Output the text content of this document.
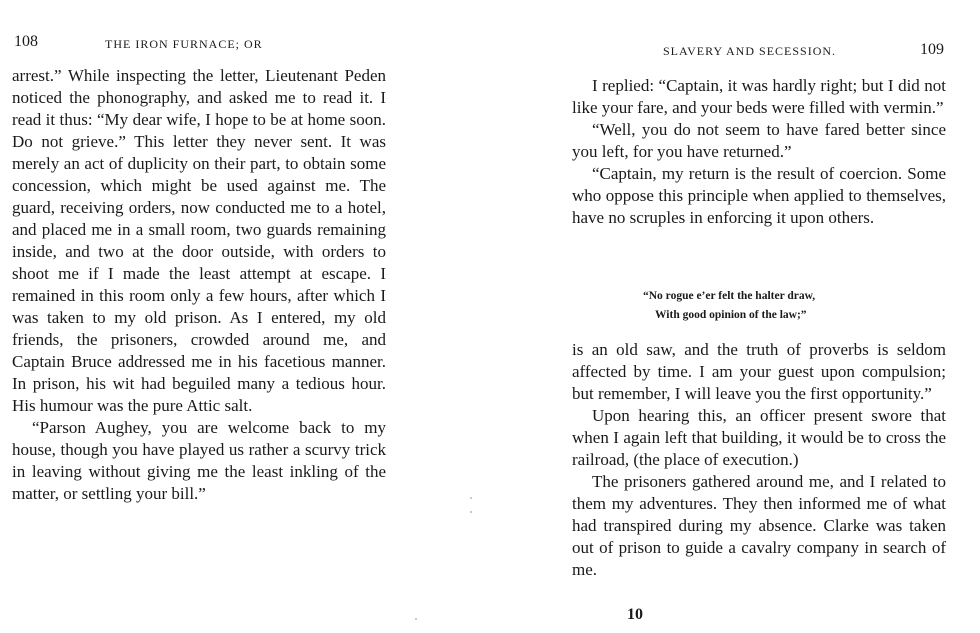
108	THE IRON FURNACE; OR

arrest.” While inspecting the letter, Lieutenant Peden noticed the phonography, and asked me to read it. I read it thus: “My dear wife, I hope to be at home soon. Do not grieve.” This letter they never sent. It was merely an act of duplicity on their part, to obtain some concession, which might be used against me. The guard, receiving orders, now conducted me to a hotel, and placed me in a small room, two guards remaining inside, and two at the door outside, with orders to shoot me if I made the least attempt at escape. I remained in this room only a few hours, after which I was taken to my old prison. As I entered, my old friends, the prisoners, crowded around me, and Captain Bruce addressed me in his facetious manner. In prison, his wit had beguiled many a tedious hour. His humour was the pure Attic salt.

“Parson Aughey, you are welcome back to my house, though you have played us rather a scurvy trick in leaving without giving me the least inkling of the matter, or settling your bill.”

SLAVERY AND SECESSION.	109

I replied: “Captain, it was hardly right; but I did not like your fare, and your beds were filled with vermin.”

“Well, you do not seem to have fared better since you left, for you have returned.”

“Captain, my return is the result of coercion. Some who oppose this principle when applied to themselves, have no scruples in enforcing it upon others.

“No rogue e’er felt the halter draw,
With good opinion of the law;”

is an old saw, and the truth of proverbs is seldom affected by time. I am your guest upon compulsion; but remember, I will leave you the first opportunity.”

Upon hearing this, an officer present swore that when I again left that building, it would be to cross the railroad, (the place of execution.)

The prisoners gathered around me, and I related to them my adventures. They then informed me of what had transpired during my absence. Clarke was taken out of prison to guide a cavalry company in search of me.

10
